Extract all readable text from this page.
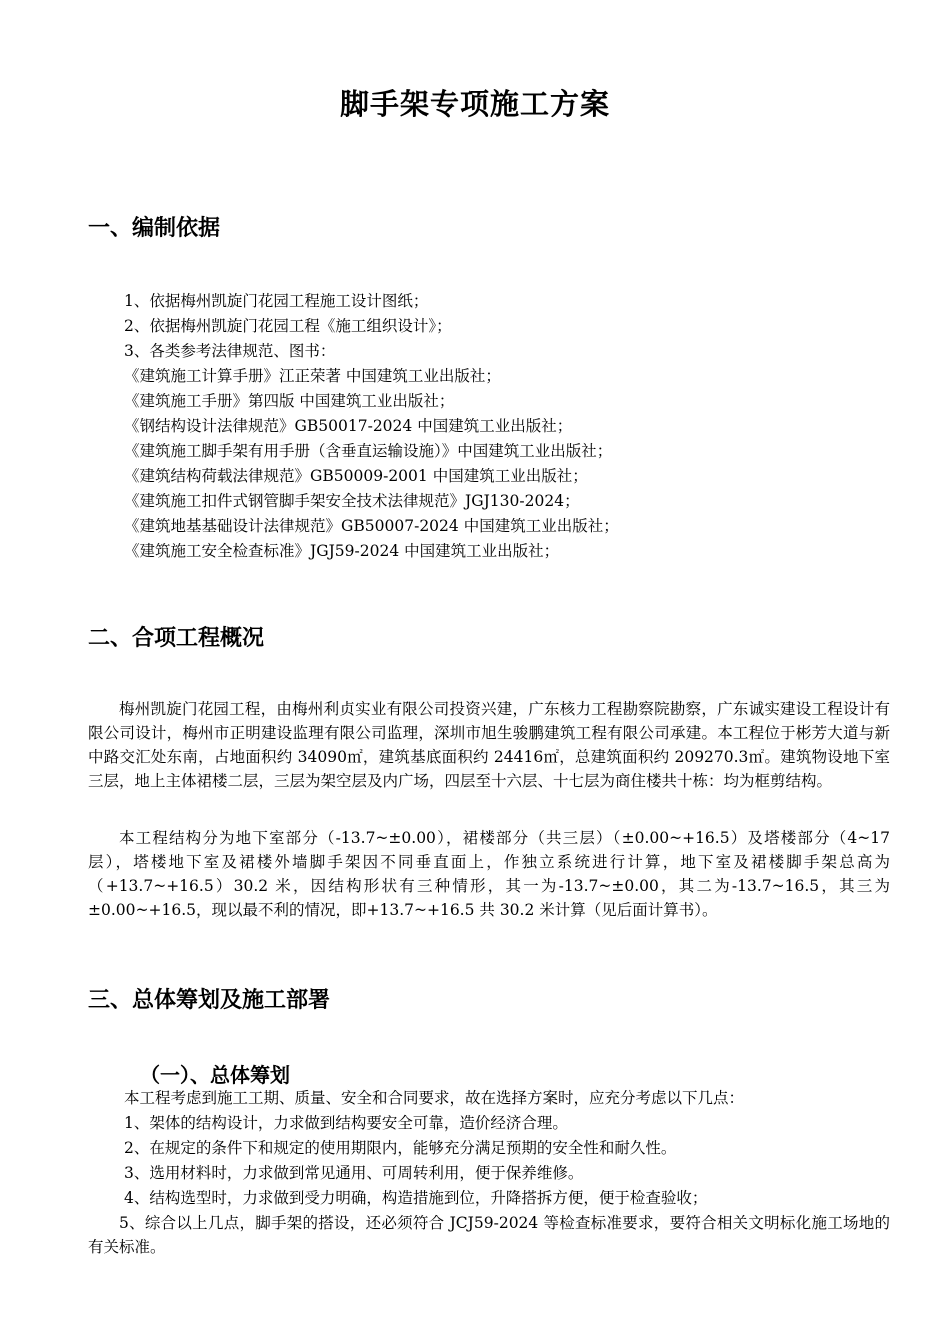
脚手架专项施工方案
一、编制依据
1、依据梅州凯旋门花园工程施工设计图纸；
2、依据梅州凯旋门花园工程《施工组织设计》；
3、各类参考法律规范、图书：
《建筑施工计算手册》江正荣著 中国建筑工业出版社；
《建筑施工手册》第四版 中国建筑工业出版社；
《钢结构设计法律规范》GB50017-2024 中国建筑工业出版社；
《建筑施工脚手架有用手册（含垂直运输设施）》中国建筑工业出版社；
《建筑结构荷载法律规范》GB50009-2001 中国建筑工业出版社；
《建筑施工扣件式钢管脚手架安全技术法律规范》JGJ130-2024；
《建筑地基基础设计法律规范》GB50007-2024 中国建筑工业出版社；
《建筑施工安全检查标准》JGJ59-2024 中国建筑工业出版社；
二、合项工程概况
梅州凯旋门花园工程，由梅州利贞实业有限公司投资兴建，广东核力工程勘察院勘察，广东诚实建设工程设计有限公司设计，梅州市正明建设监理有限公司监理，深圳市旭生骏鹏建筑工程有限公司承建。本工程位于彬芳大道与新中路交汇处东南，占地面积约 34090㎡，建筑基底面积约 24416㎡，总建筑面积约 209270.3㎡。建筑物设地下室三层，地上主体裙楼二层，三层为架空层及内广场，四层至十六层、十七层为商住楼共十栋：均为框剪结构。
本工程结构分为地下室部分（-13.7~±0.00），裙楼部分（共三层）（±0.00~+16.5）及塔楼部分（4~17 层），塔楼地下室及裙楼外墙脚手架因不同垂直面上，作独立系统进行计算，地下室及裙楼脚手架总高为（+13.7~+16.5）30.2 米，因结构形状有三种情形，其一为-13.7~±0.00，其二为-13.7~16.5，其三为±0.00~+16.5，现以最不利的情况，即+13.7~+16.5 共 30.2 米计算（见后面计算书）。
三、总体筹划及施工部署
（一）、总体筹划
本工程考虑到施工工期、质量、安全和合同要求，故在选择方案时，应充分考虑以下几点：
1、架体的结构设计，力求做到结构要安全可靠，造价经济合理。
2、在规定的条件下和规定的使用期限内，能够充分满足预期的安全性和耐久性。
3、选用材料时，力求做到常见通用、可周转利用，便于保养维修。
4、结构选型时，力求做到受力明确，构造措施到位，升降搭拆方便，便于检查验收；
5、综合以上几点，脚手架的搭设，还必须符合 JCJ59-2024 等检查标准要求，要符合相关文明标化施工场地的有关标准。
